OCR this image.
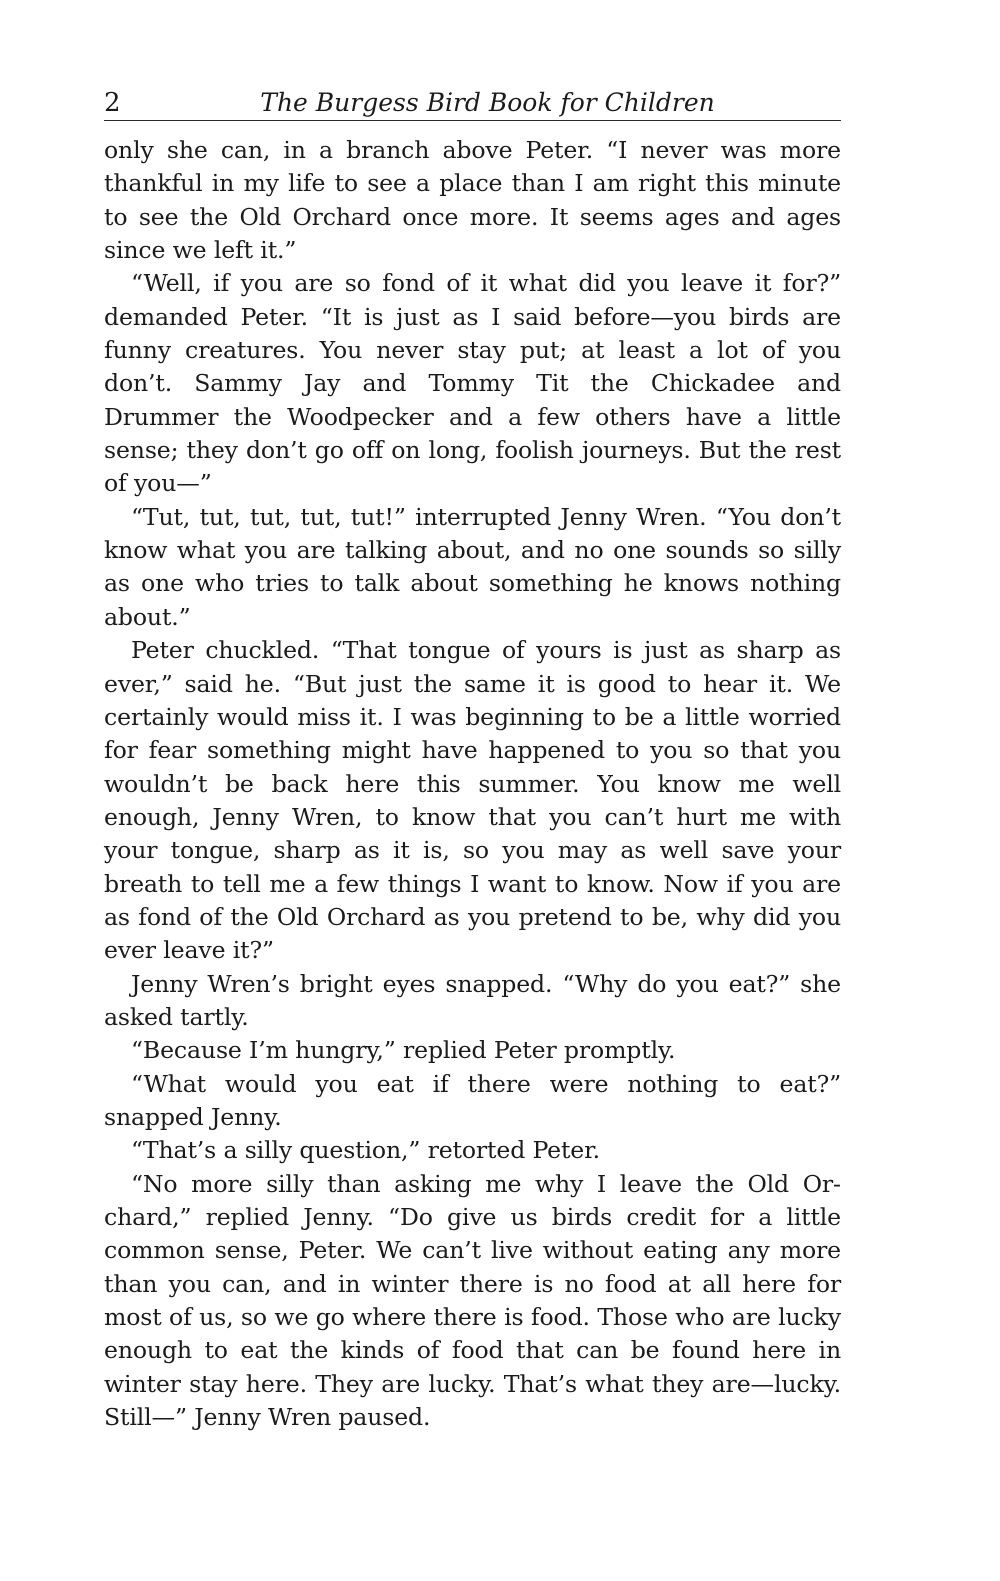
2	The Burgess Bird Book for Children

only she can, in a branch above Peter. “I never was more thankful in my life to see a place than I am right this minute to see the Old Orchard once more. It seems ages and ages since we left it.”

“Well, if you are so fond of it what did you leave it for?” demanded Peter. “It is just as I said before—you birds are funny creatures. You never stay put; at least a lot of you don’t. Sammy Jay and Tommy Tit the Chickadee and Drummer the Woodpecker and a few others have a little sense; they don’t go off on long, foolish journeys. But the rest of you—”

“Tut, tut, tut, tut, tut!” interrupted Jenny Wren. “You don’t know what you are talking about, and no one sounds so silly as one who tries to talk about something he knows nothing about.”

Peter chuckled. “That tongue of yours is just as sharp as ever,” said he. “But just the same it is good to hear it. We certainly would miss it. I was beginning to be a little worried for fear something might have happened to you so that you wouldn’t be back here this summer. You know me well enough, Jenny Wren, to know that you can’t hurt me with your tongue, sharp as it is, so you may as well save your breath to tell me a few things I want to know. Now if you are as fond of the Old Orchard as you pretend to be, why did you ever leave it?”

Jenny Wren’s bright eyes snapped. “Why do you eat?” she asked tartly.

“Because I’m hungry,” replied Peter promptly.

“What would you eat if there were nothing to eat?” snapped Jenny.

“That’s a silly question,” retorted Peter.

“No more silly than asking me why I leave the Old Orchard,” replied Jenny. “Do give us birds credit for a little common sense, Peter. We can’t live without eating any more than you can, and in winter there is no food at all here for most of us, so we go where there is food. Those who are lucky enough to eat the kinds of food that can be found here in winter stay here. They are lucky. That’s what they are—lucky. Still—” Jenny Wren paused.
